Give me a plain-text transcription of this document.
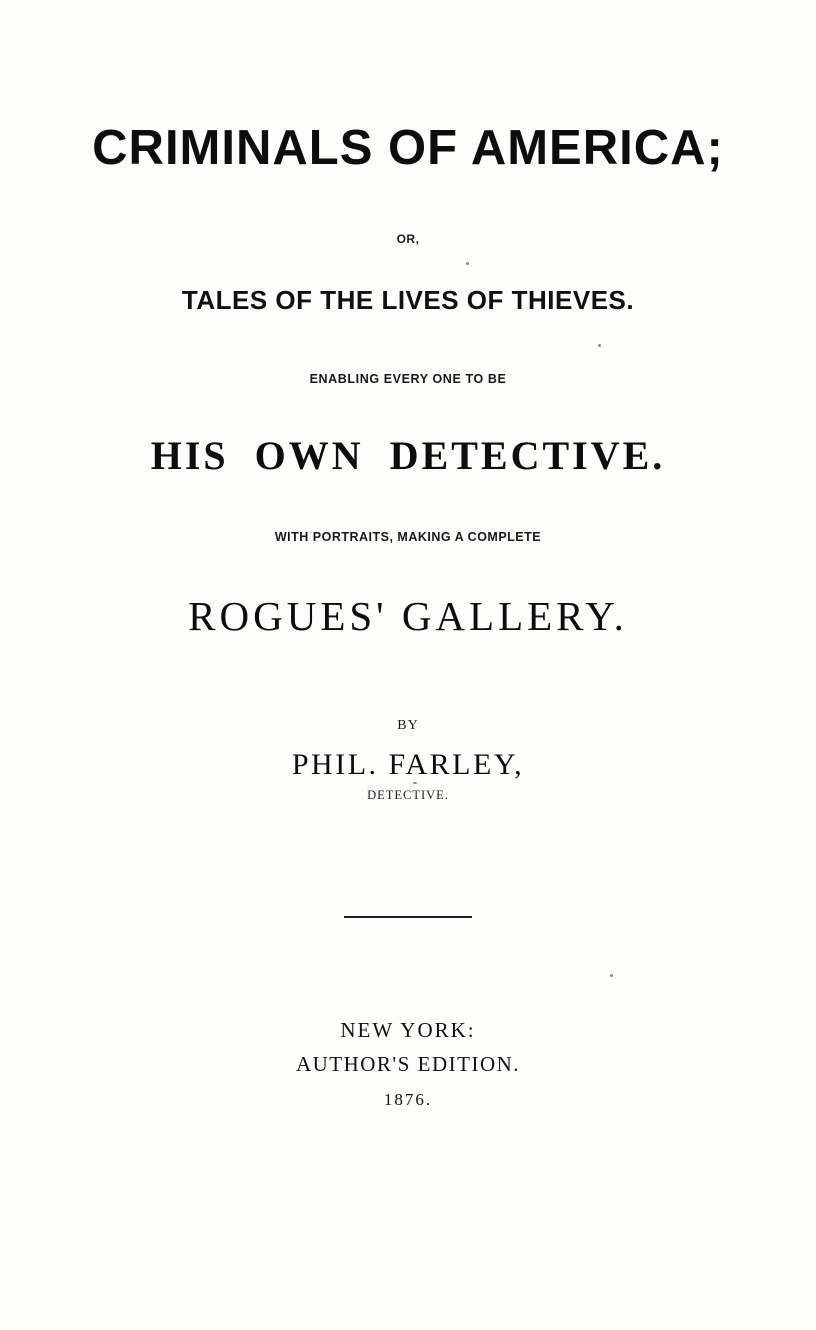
CRIMINALS OF AMERICA;
OR,
TALES OF THE LIVES OF THIEVES.
ENABLING EVERY ONE TO BE
HIS OWN DETECTIVE.
WITH PORTRAITS, MAKING A COMPLETE
ROGUES' GALLERY.
BY
PHIL. FARLEY,
DETECTIVE.
NEW YORK:
AUTHOR'S EDITION.
1876.
